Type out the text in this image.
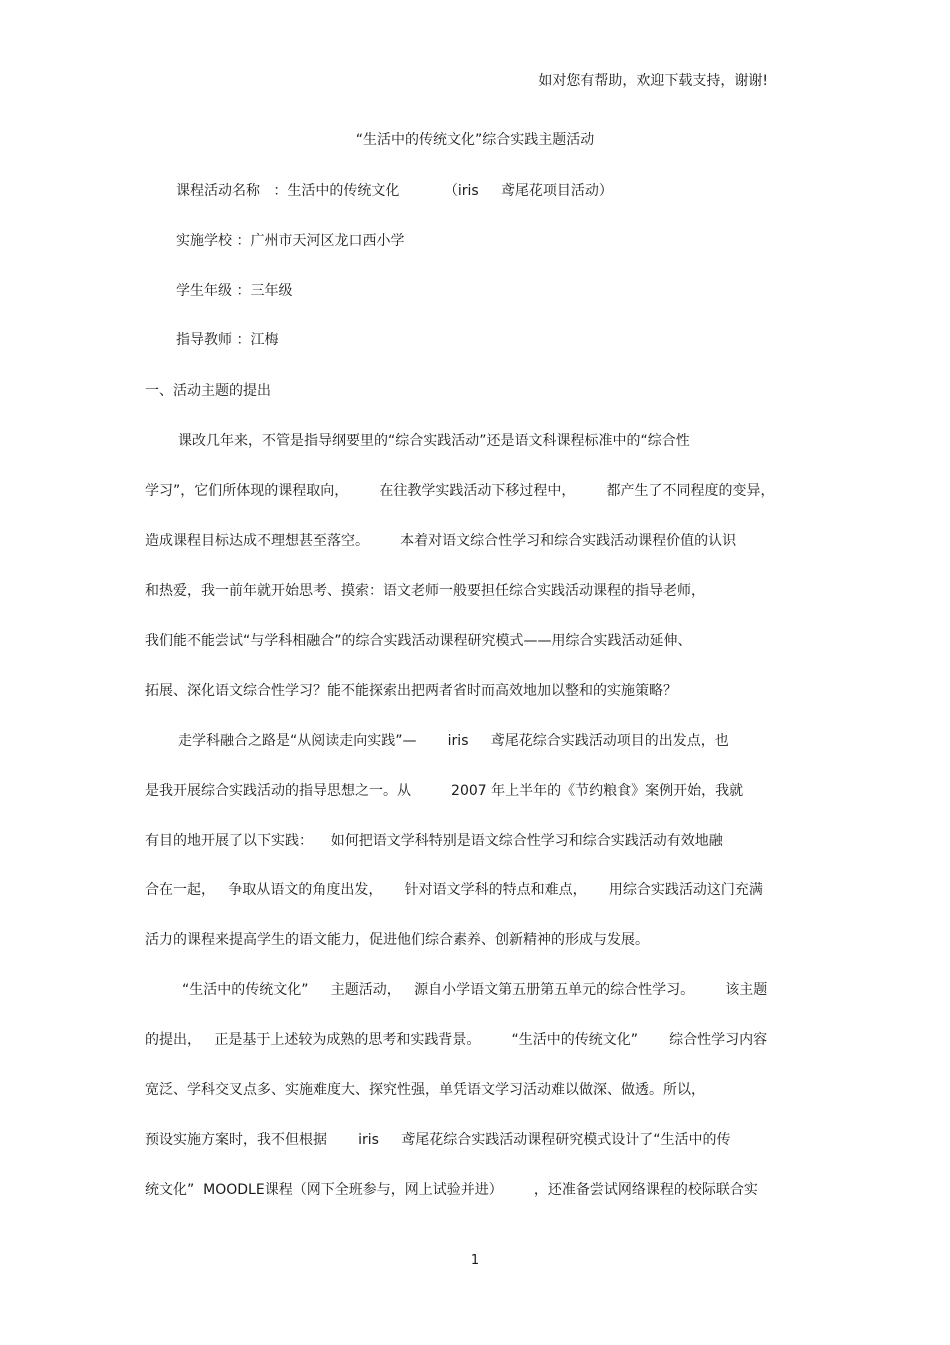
如对您有帮助，欢迎下载支持，谢谢!
“生活中的传统文化”综合实践主题活动
课程活动名称   ：生活中的传统文化          （iris     鸢尾花项目活动）
实施学校 ：广州市天河区龙口西小学
学生年级 ：三年级
指导教师 ：江梅
一、活动主题的提出
课改几年来，不管是指导纲要里的“综合实践活动”还是语文科课程标准中的“综合性
学习”，它们所体现的课程取向，       在往教学实践活动下移过程中，       都产生了不同程度的变异，
造成课程目标达成不理想甚至落空。       本着对语文综合性学习和综合实践活动课程价值的认识
和热爱，我一前年就开始思考、摸索：语文老师一般要担任综合实践活动课程的指导老师，
我们能不能尝试“与学科相融合”的综合实践活动课程研究模式——用综合实践活动延伸、
拓展、深化语文综合性学习？能不能探索出把两者省时而高效地加以整和的实施策略？
走学科融合之路是“从阅读走向实践”—       iris     鸢尾花综合实践活动项目的出发点，也
是我开展综合实践活动的指导思想之一。从         2007 年上半年的《节约粮食》案例开始，我就
有目的地开展了以下实践：    如何把语文学科特别是语文综合性学习和综合实践活动有效地融
合在一起，   争取从语文的角度出发，     针对语文学科的特点和难点，     用综合实践活动这门充满
活力的课程来提高学生的语文能力，促进他们综合素养、创新精神的形成与发展。
“生活中的传统文化”     主题活动，   源自小学语文第五册第五单元的综合性学习。       该主题
的提出，   正是基于上述较为成熟的思考和实践背景。       “生活中的传统文化”       综合性学习内容
宽泛、学科交叉点多、实施难度大、探究性强，单凭语文学习活动难以做深、做透。所以，
预设实施方案时，我不但根据       iris     鸢尾花综合实践活动课程研究模式设计了“生活中的传
统文化”  MOODLE课程（网下全班参与，网上试验并进）       ，还准备尝试网络课程的校际联合实
1
